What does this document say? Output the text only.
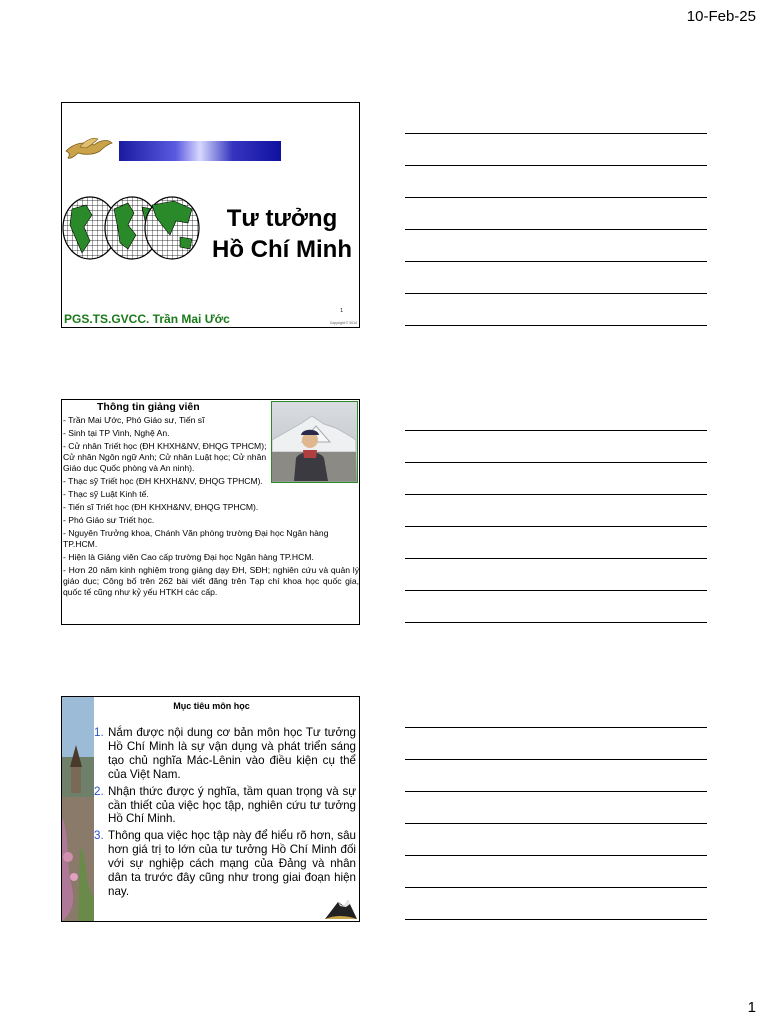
10-Feb-25
Tư tưởng
Hồ Chí Minh
1
PGS.TS.GVCC. Trần Mai Ước	Copyright © 2014
Thông tin giảng viên
- Trần Mai Ước, Phó Giáo sư, Tiến sĩ
- Sinh tại TP Vinh, Nghệ An.
- Cử nhân Triết học (ĐH KHXH&NV, ĐHQG TPHCM); Cử nhân Ngôn ngữ Anh; Cử nhân Luật học; Cử nhân Giáo dục Quốc phòng và An ninh).
- Thạc sỹ Triết học (ĐH KHXH&NV, ĐHQG TPHCM).
- Thạc sỹ Luật Kinh tế.
- Tiến sĩ Triết học (ĐH KHXH&NV, ĐHQG TPHCM).
- Phó Giáo sư Triết học.
- Nguyên Trưởng khoa, Chánh Văn phòng trường Đại học Ngân hàng TP.HCM.
- Hiện là Giảng viên Cao cấp trường Đại học Ngân hàng TP.HCM.
- Hơn 20 năm kinh nghiệm trong giảng dạy ĐH, SĐH; nghiên cứu và quản lý giáo dục; Công bố trên 262 bài viết đăng trên Tạp chí khoa học quốc gia, quốc tế cũng như kỷ yếu HTKH các cấp.
Mục tiêu môn học
1. Nắm được nội dung cơ bản môn học Tư tưởng Hồ Chí Minh là sự vận dụng và phát triển sáng tạo chủ nghĩa Mác-Lênin vào điều kiện cụ thể của Việt Nam.
2. Nhận thức được ý nghĩa, tầm quan trọng và sự cần thiết của việc học tập, nghiên cứu tư tưởng Hồ Chí Minh.
3. Thông qua việc học tập này để hiểu rõ hơn, sâu hơn giá trị to lớn của tư tưởng Hồ Chí Minh đối với sự nghiệp cách mạng của Đảng và nhân dân ta trước đây cũng như trong giai đoạn hiện nay.
1
